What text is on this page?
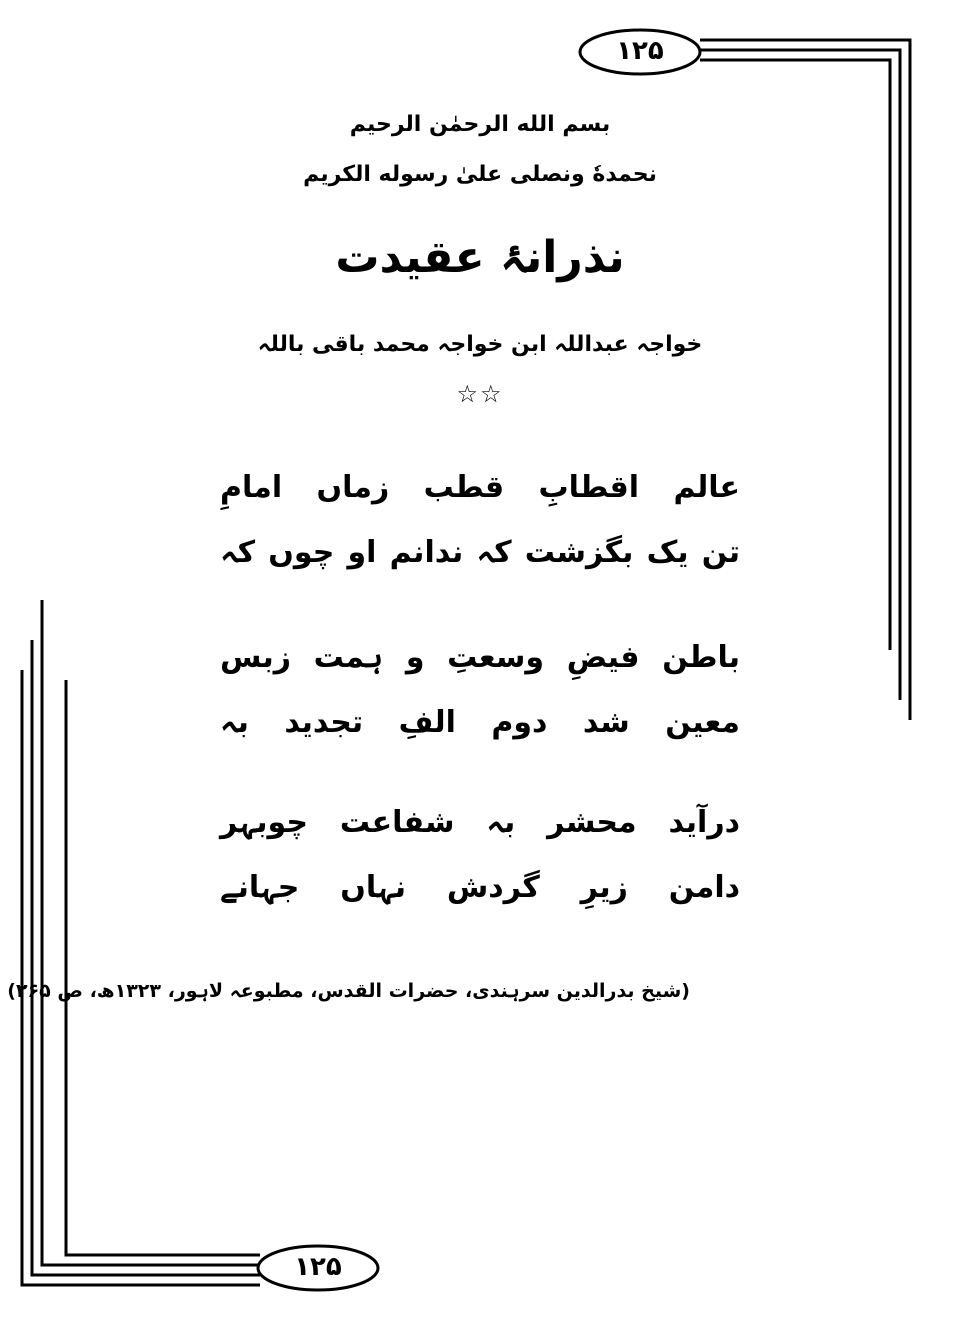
۱۲۵
۱۲۵
بسم الله الرحمٰن الرحیم
نحمدهٗ ونصلی علیٰ رسوله الکریم
نذرانۂ عقیدت
خواجہ عبداللہ ابن خواجہ محمد باقی باللہ
☆☆
امامِ زماں قطب اقطابِ عالم
کہ چوں او ندانم کہ بگزشت یک تن
زبس ہمت و وسعتِ فیضِ باطن
بہ تجدید الفِ دوم شد معین
چوبہر شفاعت بہ محشر درآید
جہانے نہاں گردش زیرِ دامن
(شیخ بدرالدین سرہندی، حضرات القدس، مطبوعہ لاہور، ۱۳۲۳ھ، ص ۲۶۵)
